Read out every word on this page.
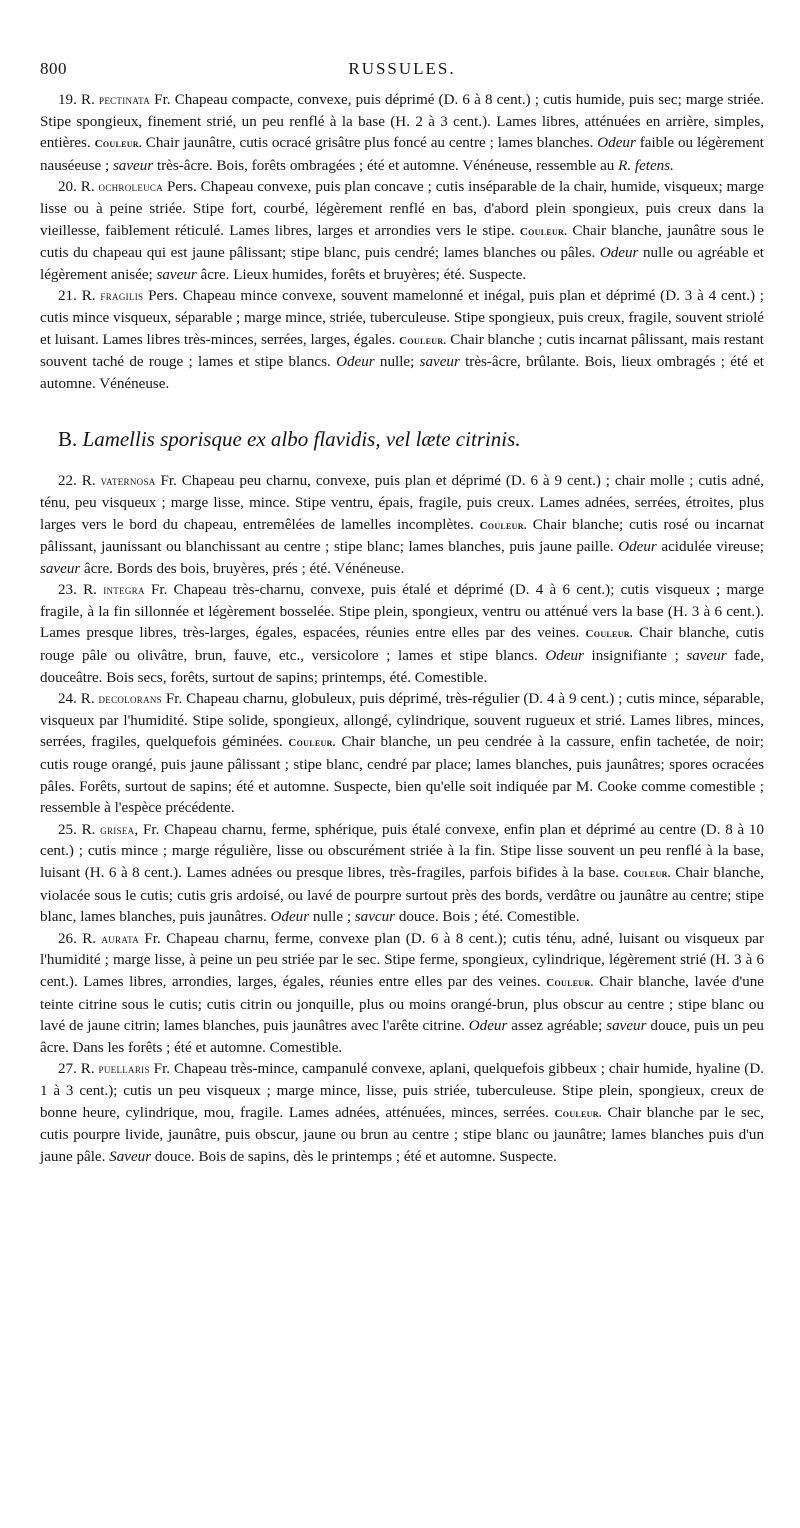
800	RUSSULES.

19. R. pectinata Fr. Chapeau compacte, convexe, puis déprimé (D. 6 à 8 cent.) ; cutis humide, puis sec; marge striée. Stipe spongieux, finement strié, un peu renflé à la base (H. 2 à 3 cent.). Lames libres, atténuées en arrière, simples, entières. Couleur. Chair jaunâtre, cutis ocracé grisâtre plus foncé au centre ; lames blanches. Odeur faible ou légèrement nauséeuse ; saveur très-âcre. Bois, forêts ombragées ; été et automne. Vénéneuse, ressemble au R. fetens.

20. R. ochroleuca Pers. Chapeau convexe, puis plan concave ; cutis inséparable de la chair, humide, visqueux; marge lisse ou à peine striée. Stipe fort, courbé, légèrement renflé en bas, d'abord plein spongieux, puis creux dans la vieillesse, faiblement réticulé. Lames libres, larges et arrondies vers le stipe. Couleur. Chair blanche, jaunâtre sous le cutis du chapeau qui est jaune pâlissant; stipe blanc, puis cendré; lames blanches ou pâles. Odeur nulle ou agréable et légèrement anisée; saveur âcre. Lieux humides, forêts et bruyères; été. Suspecte.

21. R. fragilis Pers. Chapeau mince convexe, souvent mamelonné et inégal, puis plan et déprimé (D. 3 à 4 cent.) ; cutis mince visqueux, séparable ; marge mince, striée, tuberculeuse. Stipe spongieux, puis creux, fragile, souvent striolé et luisant. Lames libres très-minces, serrées, larges, égales. Couleur. Chair blanche ; cutis incarnat pâlissant, mais restant souvent taché de rouge ; lames et stipe blancs. Odeur nulle; saveur très-âcre, brûlante. Bois, lieux ombragés ; été et automne. Vénéneuse.

B. Lamellis sporisque ex albo flavidis, vel læte citrinis.

22. R. vaternosa Fr. Chapeau peu charnu, convexe, puis plan et déprimé (D. 6 à 9 cent.) ; chair molle ; cutis adné, ténu, peu visqueux ; marge lisse, mince. Stipe ventru, épais, fragile, puis creux. Lames adnées, serrées, étroites, plus larges vers le bord du chapeau, entremêlées de lamelles incomplètes. Couleur. Chair blanche; cutis rosé ou incarnat pâlissant, jaunissant ou blanchissant au centre ; stipe blanc; lames blanches, puis jaune paille. Odeur acidulée vireuse; saveur âcre. Bords des bois, bruyères, prés ; été. Vénéneuse.

23. R. integra Fr. Chapeau très-charnu, convexe, puis étalé et déprimé (D. 4 à 6 cent.); cutis visqueux ; marge fragile, à la fin sillonnée et légèrement bosselée. Stipe plein, spongieux, ventru ou atténué vers la base (H. 3 à 6 cent.). Lames presque libres, très-larges, égales, espacées, réunies entre elles par des veines. Couleur. Chair blanche, cutis rouge pâle ou olivâtre, brun, fauve, etc., versicolore ; lames et stipe blancs. Odeur insignifiante ; saveur fade, douceâtre. Bois secs, forêts, surtout de sapins; printemps, été. Comestible.

24. R. decolorans Fr. Chapeau charnu, globuleux, puis déprimé, très-régulier (D. 4 à 9 cent.) ; cutis mince, séparable, visqueux par l'humidité. Stipe solide, spongieux, allongé, cylindrique, souvent rugueux et strié. Lames libres, minces, serrées, fragiles, quelquefois géminées. Couleur. Chair blanche, un peu cendrée à la cassure, enfin tachetée, de noir; cutis rouge orangé, puis jaune pâlissant ; stipe blanc, cendré par place; lames blanches, puis jaunâtres; spores ocracées pâles. Forêts, surtout de sapins; été et automne. Suspecte, bien qu'elle soit indiquée par M. Cooke comme comestible ; ressemble à l'espèce précédente.

25. R. grisea, Fr. Chapeau charnu, ferme, sphérique, puis étalé convexe, enfin plan et déprimé au centre (D. 8 à 10 cent.) ; cutis mince ; marge régulière, lisse ou obscurément striée à la fin. Stipe lisse souvent un peu renflé à la base, luisant (H. 6 à 8 cent.). Lames adnées ou presque libres, très-fragiles, parfois bifides à la base. Couleur. Chair blanche, violacée sous le cutis; cutis gris ardoisé, ou lavé de pourpre surtout près des bords, verdâtre ou jaunâtre au centre; stipe blanc, lames blanches, puis jaunâtres. Odeur nulle ; savcur douce. Bois ; été. Comestible.

26. R. aurata Fr. Chapeau charnu, ferme, convexe plan (D. 6 à 8 cent.); cutis ténu, adné, luisant ou visqueux par l'humidité ; marge lisse, à peine un peu striée par le sec. Stipe ferme, spongieux, cylindrique, légèrement strié (H. 3 à 6 cent.). Lames libres, arrondies, larges, égales, réunies entre elles par des veines. Couleur. Chair blanche, lavée d'une teinte citrine sous le cutis; cutis citrin ou jonquille, plus ou moins orangé-brun, plus obscur au centre ; stipe blanc ou lavé de jaune citrin; lames blanches, puis jaunâtres avec l'arête citrine. Odeur assez agréable; saveur douce, puis un peu âcre. Dans les forêts ; été et automne. Comestible.

27. R. puellaris Fr. Chapeau très-mince, campanulé convexe, aplani, quelquefois gibbeux ; chair humide, hyaline (D. 1 à 3 cent.); cutis un peu visqueux ; marge mince, lisse, puis striée, tuberculeuse. Stipe plein, spongieux, creux de bonne heure, cylindrique, mou, fragile. Lames adnées, atténuées, minces, serrées. Couleur. Chair blanche par le sec, cutis pourpre livide, jaunâtre, puis obscur, jaune ou brun au centre ; stipe blanc ou jaunâtre; lames blanches puis d'un jaune pâle. Saveur douce. Bois de sapins, dès le printemps ; été et automne. Suspecte.
